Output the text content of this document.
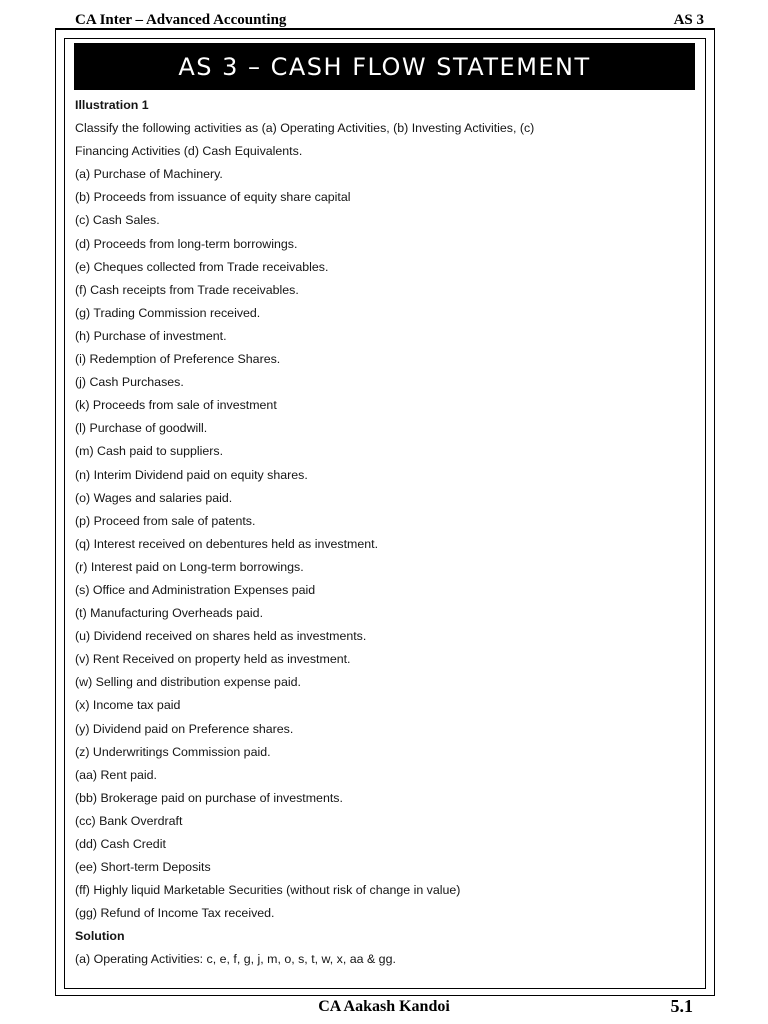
CA Inter – Advanced Accounting	AS 3
AS 3 – CASH FLOW STATEMENT
Illustration 1
Classify the following activities as (a) Operating Activities, (b) Investing Activities, (c)
Financing Activities (d) Cash Equivalents.
(a) Purchase of Machinery.
(b) Proceeds from issuance of equity share capital
(c) Cash Sales.
(d) Proceeds from long-term borrowings.
(e) Cheques collected from Trade receivables.
(f) Cash receipts from Trade receivables.
(g) Trading Commission received.
(h) Purchase of investment.
(i) Redemption of Preference Shares.
(j) Cash Purchases.
(k) Proceeds from sale of investment
(l) Purchase of goodwill.
(m) Cash paid to suppliers.
(n) Interim Dividend paid on equity shares.
(o) Wages and salaries paid.
(p) Proceed from sale of patents.
(q) Interest received on debentures held as investment.
(r) Interest paid on Long-term borrowings.
(s) Office and Administration Expenses paid
(t) Manufacturing Overheads paid.
(u) Dividend received on shares held as investments.
(v) Rent Received on property held as investment.
(w) Selling and distribution expense paid.
(x) Income tax paid
(y) Dividend paid on Preference shares.
(z) Underwritings Commission paid.
(aa) Rent paid.
(bb) Brokerage paid on purchase of investments.
(cc) Bank Overdraft
(dd) Cash Credit
(ee) Short-term Deposits
(ff) Highly liquid Marketable Securities (without risk of change in value)
(gg) Refund of Income Tax received.
Solution
(a) Operating Activities: c, e, f, g, j, m, o, s, t, w, x, aa & gg.
CA Aakash Kandoi	5.1
